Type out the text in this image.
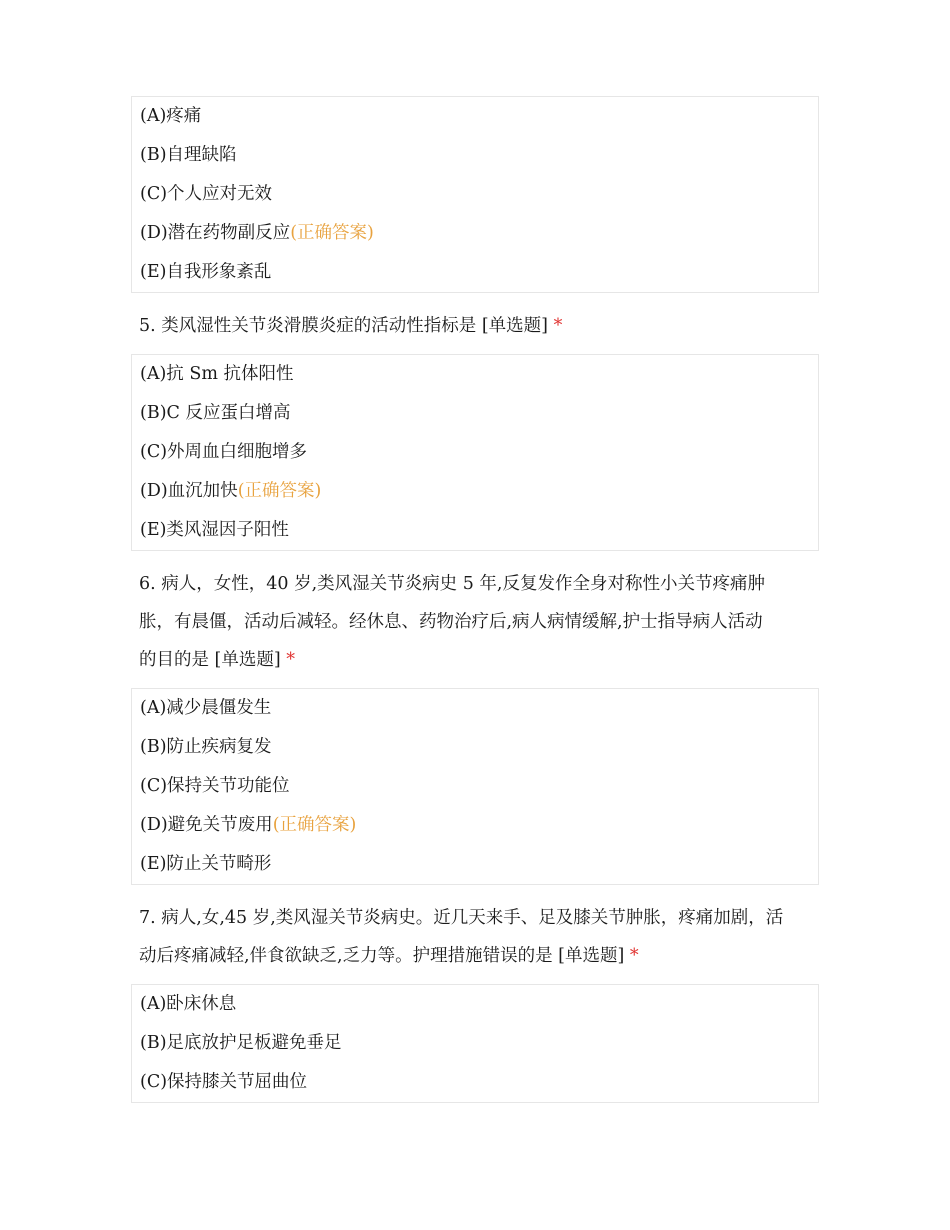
(A)疼痛
(B)自理缺陷
(C)个人应对无效
(D)潜在药物副反应(正确答案)
(E)自我形象紊乱
5. 类风湿性关节炎滑膜炎症的活动性指标是 [单选题] *
(A)抗 Sm 抗体阳性
(B)C 反应蛋白增高
(C)外周血白细胞增多
(D)血沉加快(正确答案)
(E)类风湿因子阳性
6. 病人，女性，40 岁,类风湿关节炎病史 5 年,反复发作全身对称性小关节疼痛肿
胀，有晨僵，活动后减轻。经休息、药物治疗后,病人病情缓解,护士指导病人活动
的目的是 [单选题] *
(A)减少晨僵发生
(B)防止疾病复发
(C)保持关节功能位
(D)避免关节废用(正确答案)
(E)防止关节畸形
7. 病人,女,45 岁,类风湿关节炎病史。近几天来手、足及膝关节肿胀，疼痛加剧，活
动后疼痛减轻,伴食欲缺乏,乏力等。护理措施错误的是 [单选题] *
(A)卧床休息
(B)足底放护足板避免垂足
(C)保持膝关节屈曲位
